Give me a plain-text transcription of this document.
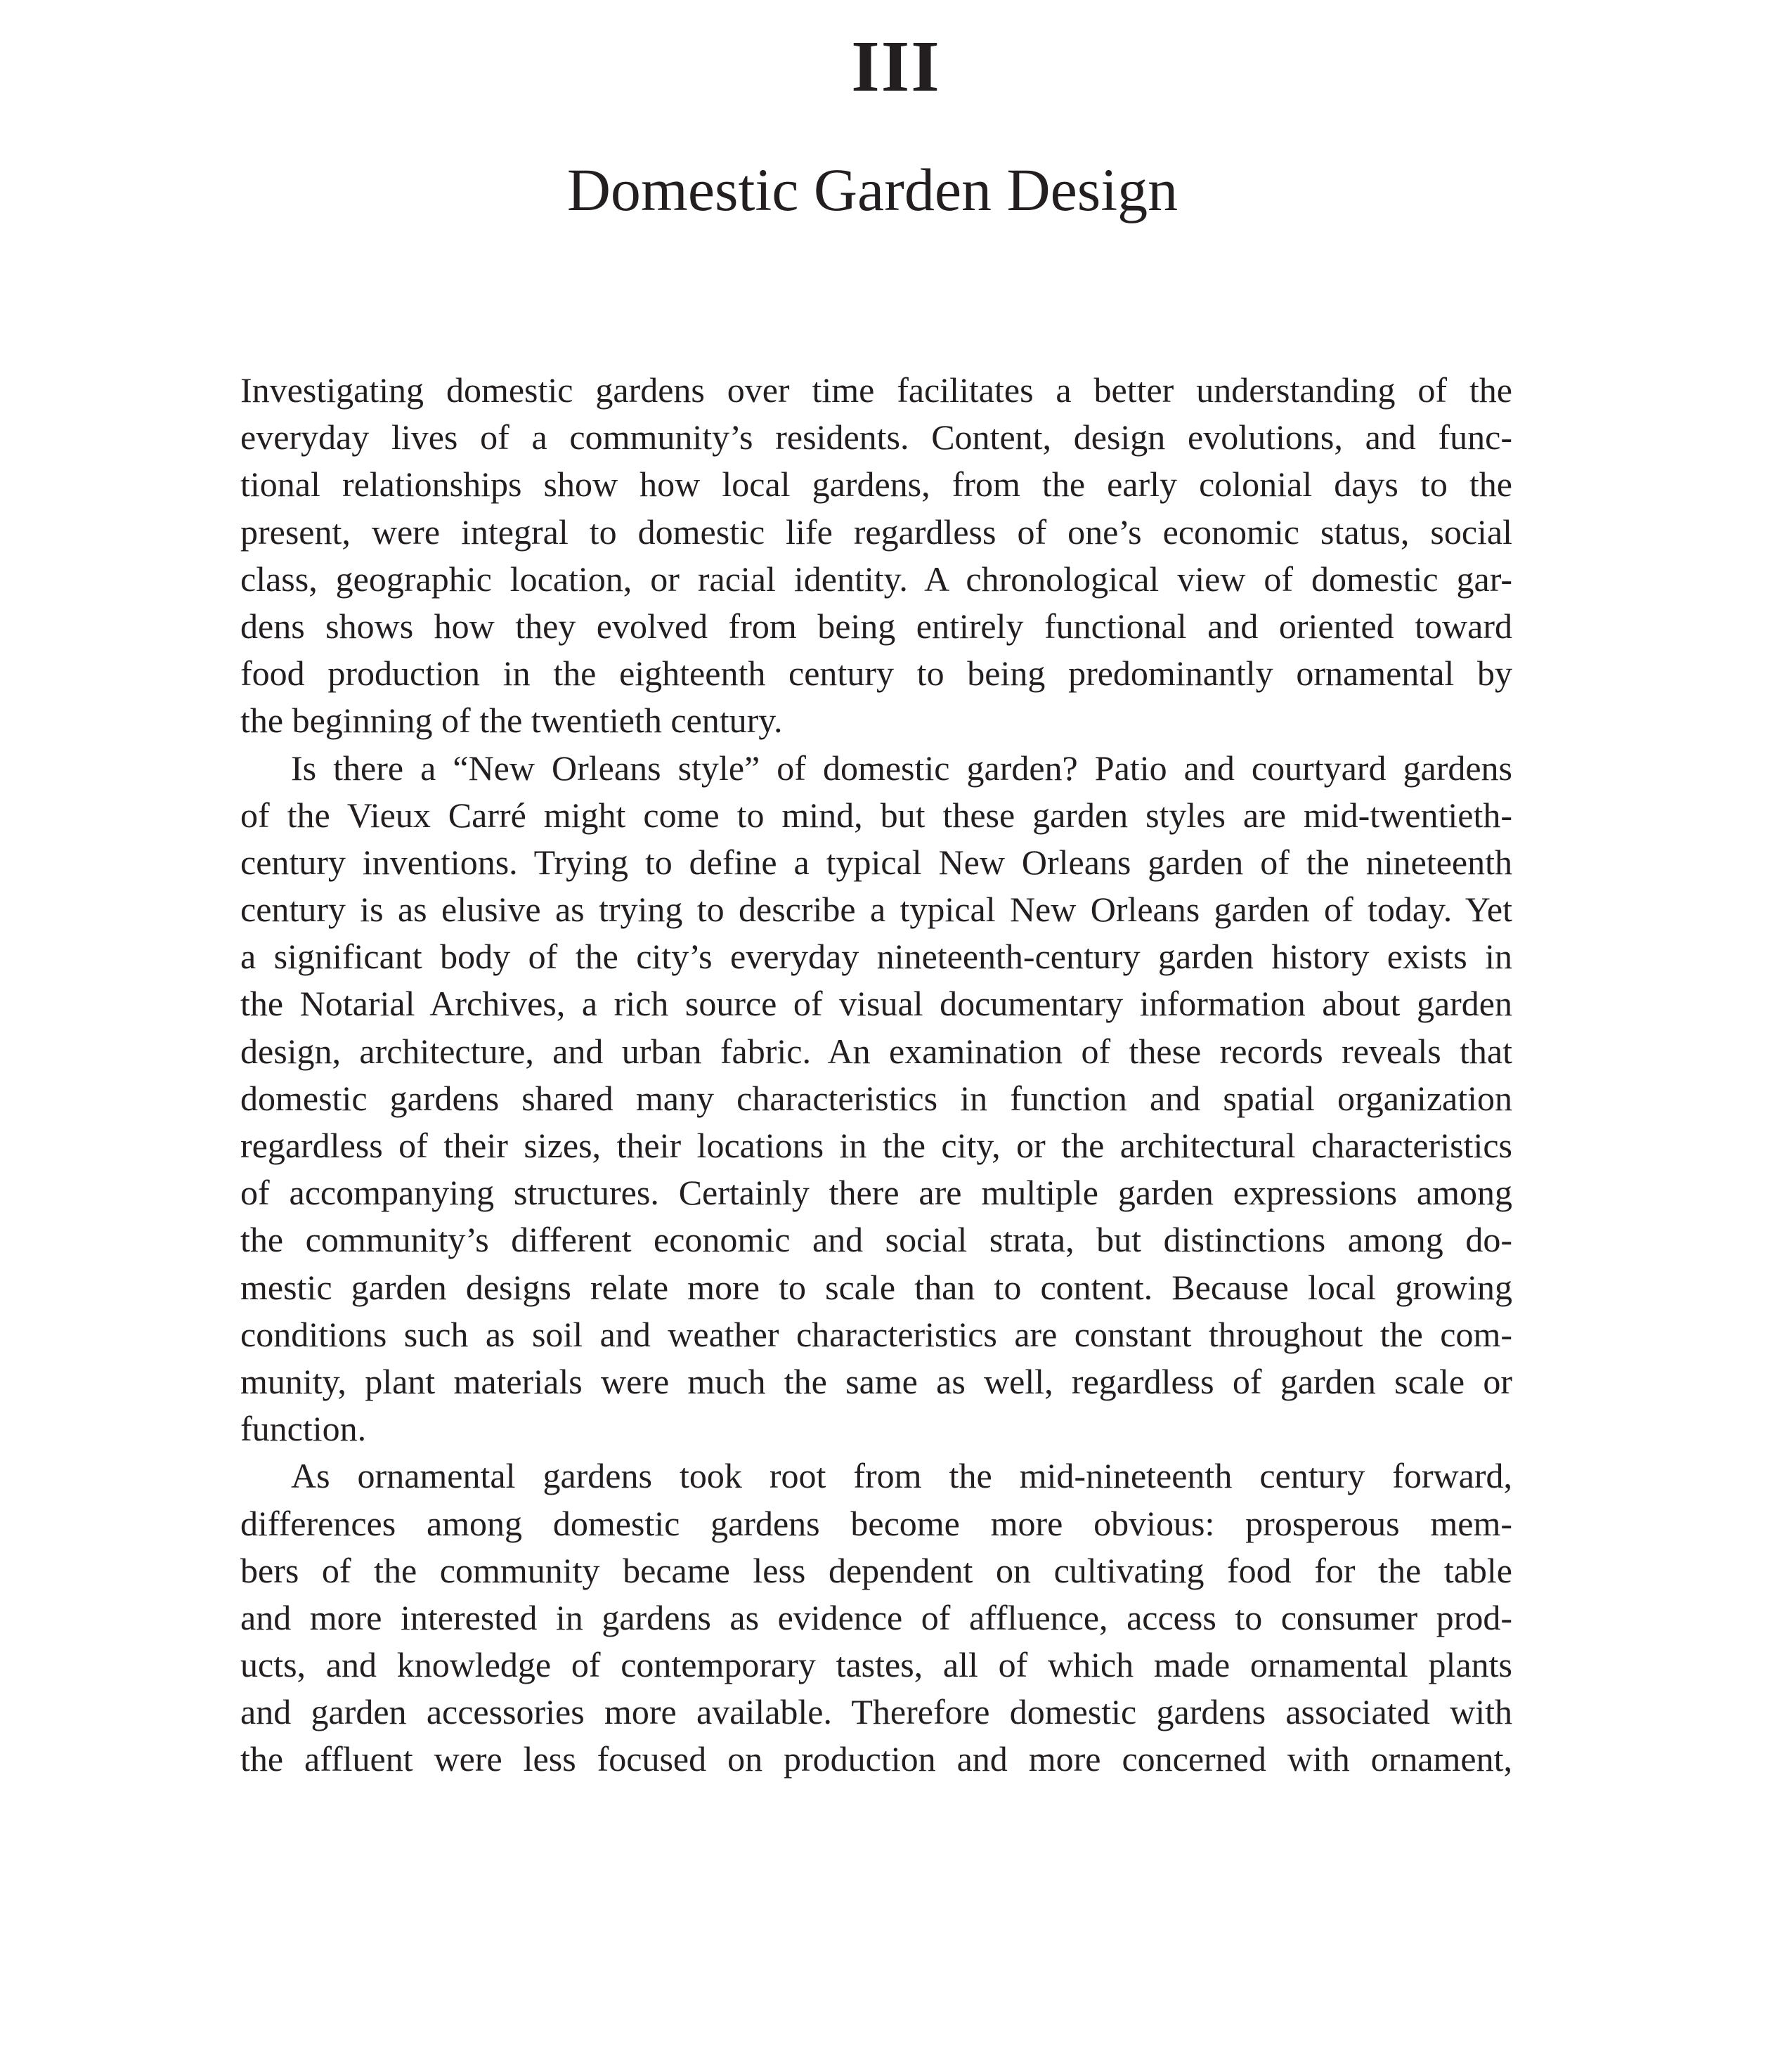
III
Domestic Garden Design
Investigating domestic gardens over time facilitates a better understanding of the
everyday lives of a community’s residents. Content, design evolutions, and func-
tional relationships show how local gardens, from the early colonial days to the
present, were integral to domestic life regardless of one’s economic status, social
class, geographic location, or racial identity. A chronological view of domestic gar-
dens shows how they evolved from being entirely functional and oriented toward
food production in the eighteenth century to being predominantly ornamental by
the beginning of the twentieth century.
Is there a “New Orleans style” of domestic garden? Patio and courtyard gardens
of the Vieux Carré might come to mind, but these garden styles are mid-twentieth-
century inventions. Trying to define a typical New Orleans garden of the nineteenth
century is as elusive as trying to describe a typical New Orleans garden of today. Yet
a significant body of the city’s everyday nineteenth-century garden history exists in
the Notarial Archives, a rich source of visual documentary information about garden
design, architecture, and urban fabric. An examination of these records reveals that
domestic gardens shared many characteristics in function and spatial organization
regardless of their sizes, their locations in the city, or the architectural characteristics
of accompanying structures. Certainly there are multiple garden expressions among
the community’s different economic and social strata, but distinctions among do-
mestic garden designs relate more to scale than to content. Because local growing
conditions such as soil and weather characteristics are constant throughout the com-
munity, plant materials were much the same as well, regardless of garden scale or
function.
As ornamental gardens took root from the mid-nineteenth century forward,
differences among domestic gardens become more obvious: prosperous mem-
bers of the community became less dependent on cultivating food for the table
and more interested in gardens as evidence of affluence, access to consumer prod-
ucts, and knowledge of contemporary tastes, all of which made ornamental plants
and garden accessories more available. Therefore domestic gardens associated with
the affluent were less focused on production and more concerned with ornament,
